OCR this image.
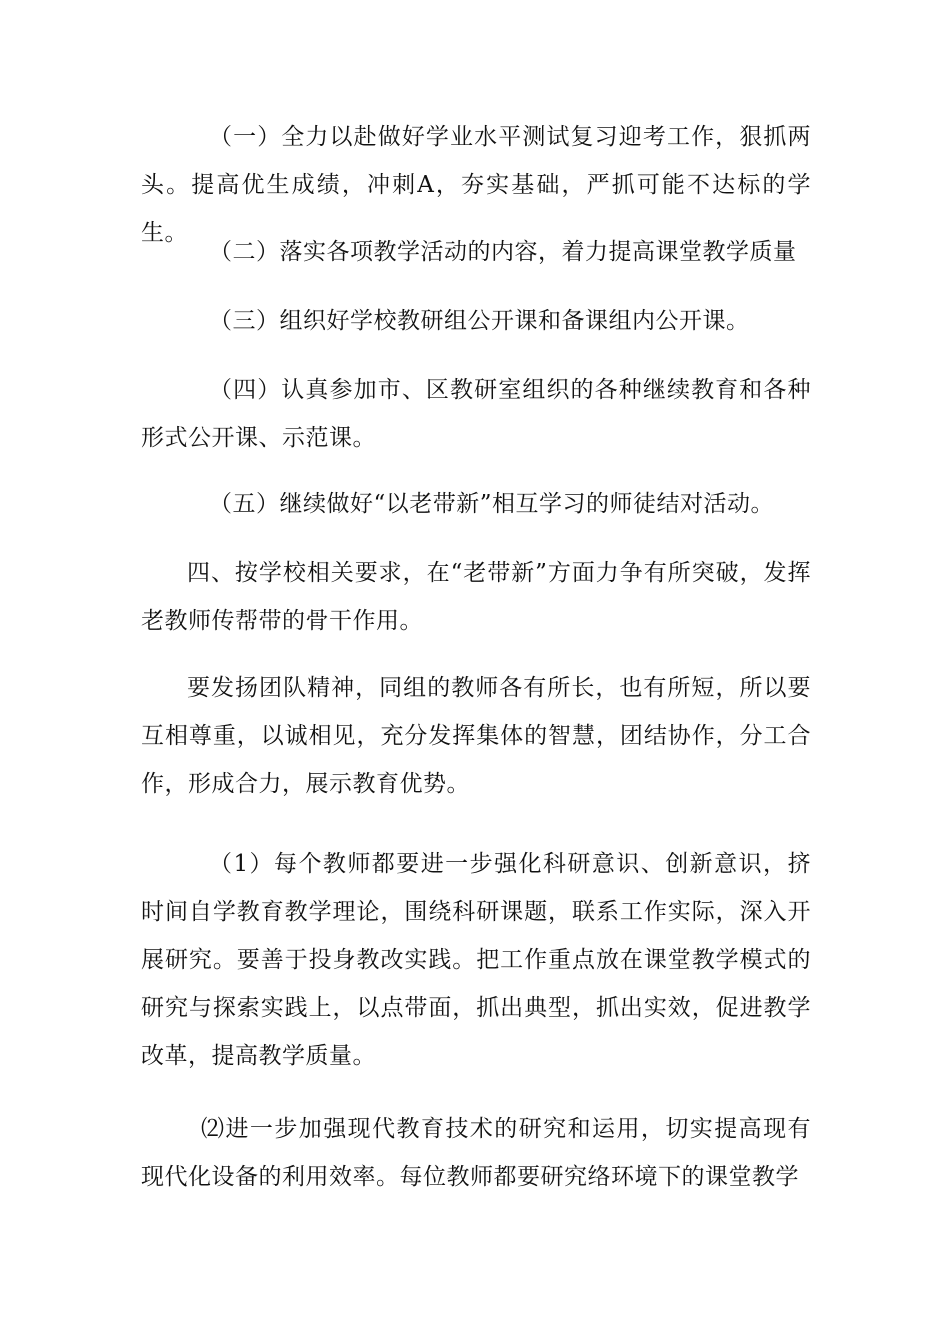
（一）全力以赴做好学业水平测试复习迎考工作，狠抓两头。提高优生成绩，冲刺A，夯实基础，严抓可能不达标的学生。

（二）落实各项教学活动的内容，着力提高课堂教学质量

（三）组织好学校教研组公开课和备课组内公开课。

（四）认真参加市、区教研室组织的各种继续教育和各种形式公开课、示范课。

（五）继续做好“以老带新”相互学习的师徒结对活动。

四、按学校相关要求，在“老带新”方面力争有所突破，发挥老教师传帮带的骨干作用。

要发扬团队精神，同组的教师各有所长，也有所短，所以要互相尊重，以诚相见，充分发挥集体的智慧，团结协作，分工合作，形成合力，展示教育优势。

（1）每个教师都要进一步强化科研意识、创新意识，挤时间自学教育教学理论，围绕科研课题，联系工作实际，深入开展研究。要善于投身教改实践。把工作重点放在课堂教学模式的研究与探索实践上，以点带面，抓出典型，抓出实效，促进教学改革，提高教学质量。

⑵进一步加强现代教育技术的研究和运用，切实提高现有现代化设备的利用效率。每位教师都要研究络环境下的课堂教学
